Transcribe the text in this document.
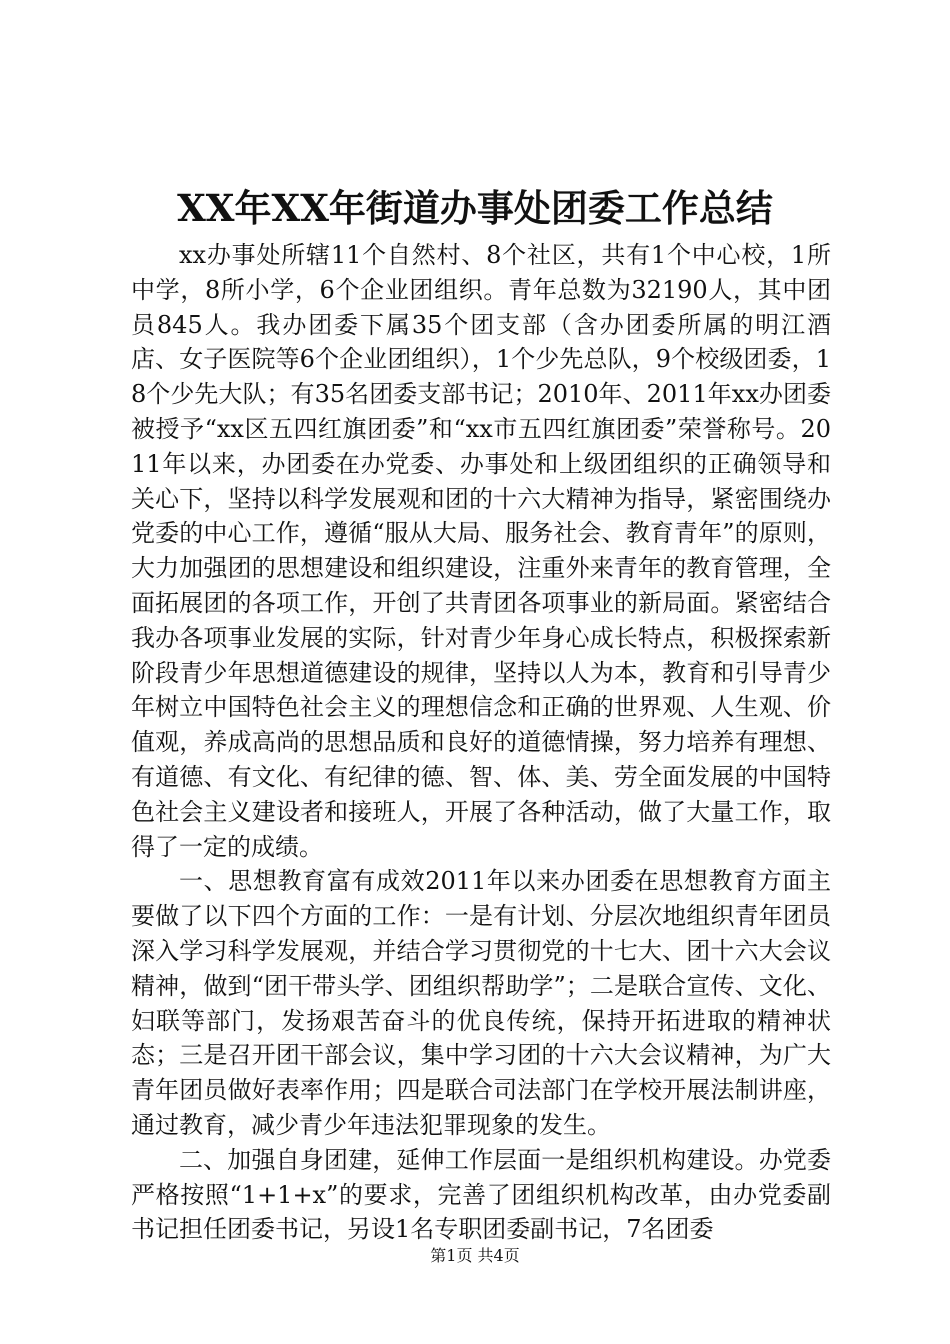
XX年XX年街道办事处团委工作总结

xx办事处所辖11个自然村、8个社区，共有1个中心校，1所中学，8所小学，6个企业团组织。青年总数为32190人，其中团员845人。我办团委下属35个团支部（含办团委所属的明江酒店、女子医院等6个企业团组织），1个少先总队，9个校级团委，18个少先大队；有35名团委支部书记；2010年、2011年xx办团委被授予“xx区五四红旗团委”和“xx市五四红旗团委”荣誉称号。2011年以来，办团委在办党委、办事处和上级团组织的正确领导和关心下，坚持以科学发展观和团的十六大精神为指导，紧密围绕办党委的中心工作，遵循“服从大局、服务社会、教育青年”的原则，大力加强团的思想建设和组织建设，注重外来青年的教育管理，全面拓展团的各项工作，开创了共青团各项事业的新局面。紧密结合我办各项事业发展的实际，针对青少年身心成长特点，积极探索新阶段青少年思想道德建设的规律，坚持以人为本，教育和引导青少年树立中国特色社会主义的理想信念和正确的世界观、人生观、价值观，养成高尚的思想品质和良好的道德情操，努力培养有理想、有道德、有文化、有纪律的德、智、体、美、劳全面发展的中国特色社会主义建设者和接班人，开展了各种活动，做了大量工作，取得了一定的成绩。

一、思想教育富有成效2011年以来办团委在思想教育方面主要做了以下四个方面的工作：一是有计划、分层次地组织青年团员深入学习科学发展观，并结合学习贯彻党的十七大、团十六大会议精神，做到“团干带头学、团组织帮助学”；二是联合宣传、文化、妇联等部门，发扬艰苦奋斗的优良传统，保持开拓进取的精神状态；三是召开团干部会议，集中学习团的十六大会议精神，为广大青年团员做好表率作用；四是联合司法部门在学校开展法制讲座，通过教育，减少青少年违法犯罪现象的发生。

二、加强自身团建，延伸工作层面一是组织机构建设。办党委严格按照“1+1+x”的要求，完善了团组织机构改革，由办党委副书记担任团委书记，另设1名专职团委副书记，7名团委

第1页 共4页
